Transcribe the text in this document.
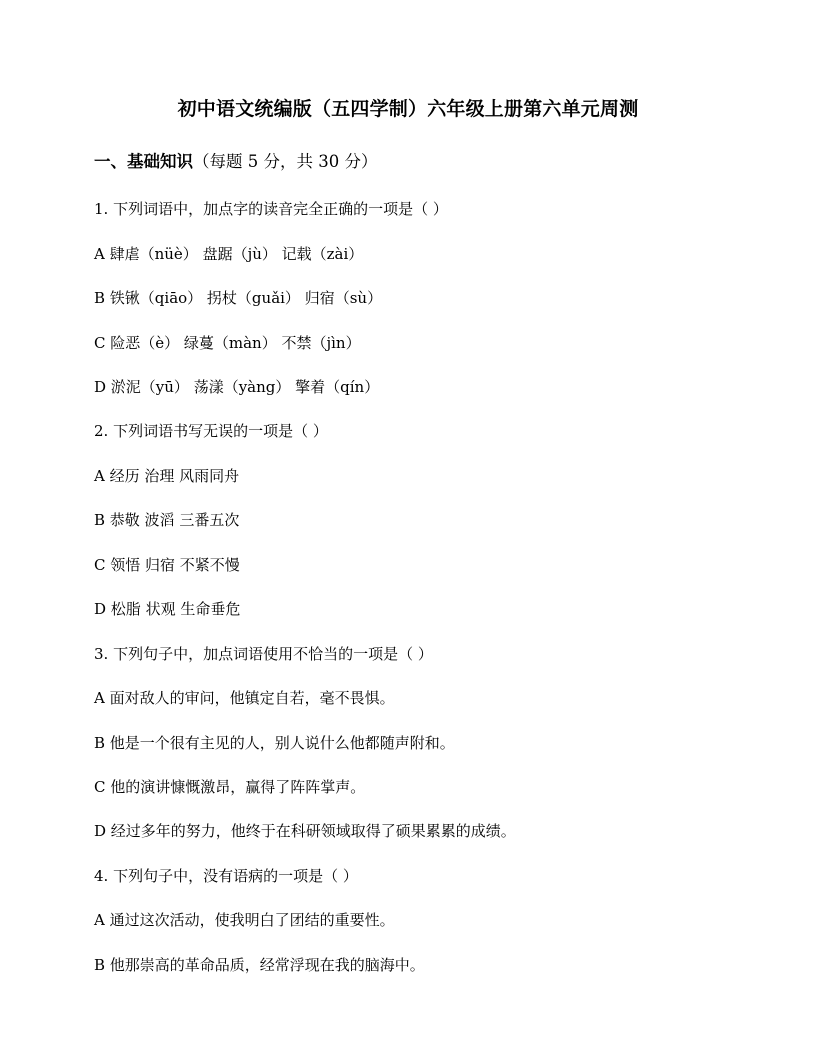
初中语文统编版（五四学制）六年级上册第六单元周测
一、基础知识（每题 5 分，共 30 分）
1. 下列词语中，加点字的读音完全正确的一项是（ ）
A 肆虐（nüè） 盘踞（jù） 记载（zài）
B 铁锹（qiāo） 拐杖（guǎi） 归宿（sù）
C 险恶（è） 绿蔓（màn） 不禁（jìn）
D 淤泥（yū） 荡漾（yàng） 擎着（qín）
2. 下列词语书写无误的一项是（ ）
A 经历 治理 风雨同舟
B 恭敬 波滔 三番五次
C 领悟 归宿 不紧不慢
D 松脂 状观 生命垂危
3. 下列句子中，加点词语使用不恰当的一项是（ ）
A 面对敌人的审问，他镇定自若，毫不畏惧。
B 他是一个很有主见的人，别人说什么他都随声附和。
C 他的演讲慷慨激昂，赢得了阵阵掌声。
D 经过多年的努力，他终于在科研领域取得了硕果累累的成绩。
4. 下列句子中，没有语病的一项是（ ）
A 通过这次活动，使我明白了团结的重要性。
B 他那崇高的革命品质，经常浮现在我的脑海中。
